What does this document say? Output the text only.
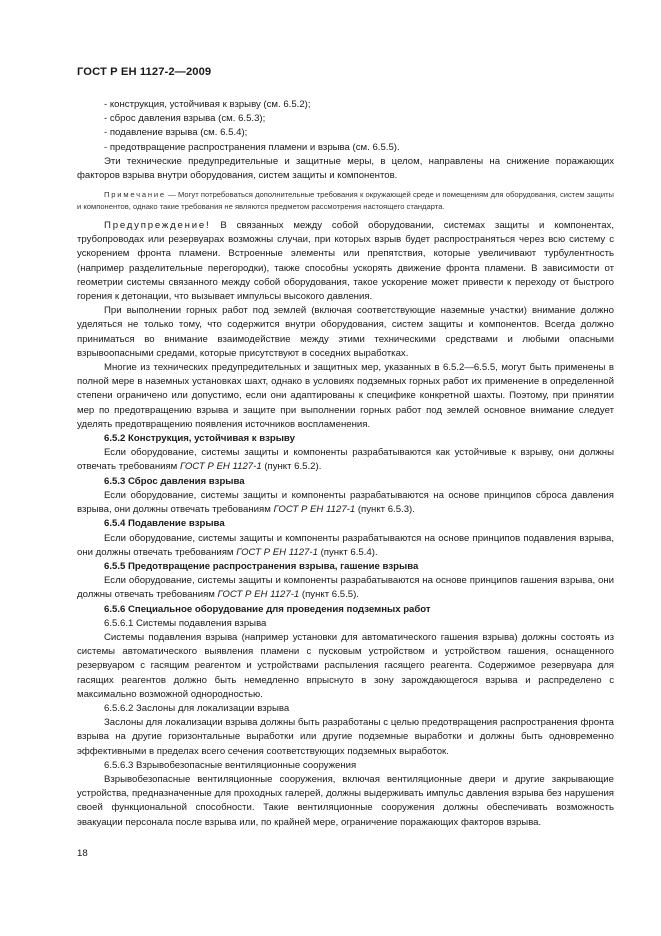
ГОСТ Р ЕН 1127-2—2009

- конструкция, устойчивая к взрыву (см. 6.5.2);

- сброс давления взрыва (см. 6.5.3);

- подавление взрыва (см. 6.5.4);

- предотвращение распространения пламени и взрыва (см. 6.5.5).

Эти технические предупредительные и защитные меры, в целом, направлены на снижение поражающих факторов взрыва внутри оборудования, систем защиты и компонентов.

Примечание — Могут потребоваться дополнительные требования к окружающей среде и помещениям для оборудования, систем защиты и компонентов, однако такие требования не являются предметом рассмотрения настоящего стандарта.

Предупреждение! В связанных между собой оборудовании, системах защиты и компонентах, трубопроводах или резервуарах возможны случаи, при которых взрыв будет распространяться через всю систему с ускорением фронта пламени. Встроенные элементы или препятствия, которые увеличивают турбулентность (например разделительные перегородки), также способны ускорять движение фронта пламени. В зависимости от геометрии системы связанного между собой оборудования, такое ускорение может привести к переходу от быстрого горения к детонации, что вызывает импульсы высокого давления.

При выполнении горных работ под землей (включая соответствующие наземные участки) внимание должно уделяться не только тому, что содержится внутри оборудования, систем защиты и компонентов. Всегда должно приниматься во внимание взаимодействие между этими техническими средствами и любыми опасными взрывоопасными средами, которые присутствуют в соседних выработках.

Многие из технических предупредительных и защитных мер, указанных в 6.5.2—6.5.5, могут быть применены в полной мере в наземных установках шахт, однако в условиях подземных горных работ их применение в определенной степени ограничено или допустимо, если они адаптированы к специфике конкретной шахты. Поэтому, при принятии мер по предотвращению взрыва и защите при выполнении горных работ под землей основное внимание следует уделять предотвращению появления источников воспламенения.

6.5.2 Конструкция, устойчивая к взрыву

Если оборудование, системы защиты и компоненты разрабатываются как устойчивые к взрыву, они должны отвечать требованиям ГОСТ Р ЕН 1127-1 (пункт 6.5.2).

6.5.3 Сброс давления взрыва

Если оборудование, системы защиты и компоненты разрабатываются на основе принципов сброса давления взрыва, они должны отвечать требованиям ГОСТ Р ЕН 1127-1 (пункт 6.5.3).

6.5.4 Подавление взрыва

Если оборудование, системы защиты и компоненты разрабатываются на основе принципов подавления взрыва, они должны отвечать требованиям ГОСТ Р ЕН 1127-1 (пункт 6.5.4).

6.5.5 Предотвращение распространения взрыва, гашение взрыва

Если оборудование, системы защиты и компоненты разрабатываются на основе принципов гашения взрыва, они должны отвечать требованиям ГОСТ Р ЕН 1127-1 (пункт 6.5.5).

6.5.6 Специальное оборудование для проведения подземных работ

6.5.6.1 Системы подавления взрыва

Системы подавления взрыва (например установки для автоматического гашения взрыва) должны состоять из системы автоматического выявления пламени с пусковым устройством и устройством гашения, оснащенного резервуаром с гасящим реагентом и устройствами распыления гасящего реагента. Содержимое резервуара для гасящих реагентов должно быть немедленно впрыснуто в зону зарождающегося взрыва и распределено с максимально возможной однородностью.

6.5.6.2 Заслоны для локализации взрыва

Заслоны для локализации взрыва должны быть разработаны с целью предотвращения распространения фронта взрыва на другие горизонтальные выработки или другие подземные выработки и должны быть одновременно эффективными в пределах всего сечения соответствующих подземных выработок.

6.5.6.3 Взрывобезопасные вентиляционные сооружения

Взрывобезопасные вентиляционные сооружения, включая вентиляционные двери и другие закрывающие устройства, предназначенные для проходных галерей, должны выдерживать импульс давления взрыва без нарушения своей функциональной способности. Такие вентиляционные сооружения должны обеспечивать возможность эвакуации персонала после взрыва или, по крайней мере, ограничение поражающих факторов взрыва.

18
